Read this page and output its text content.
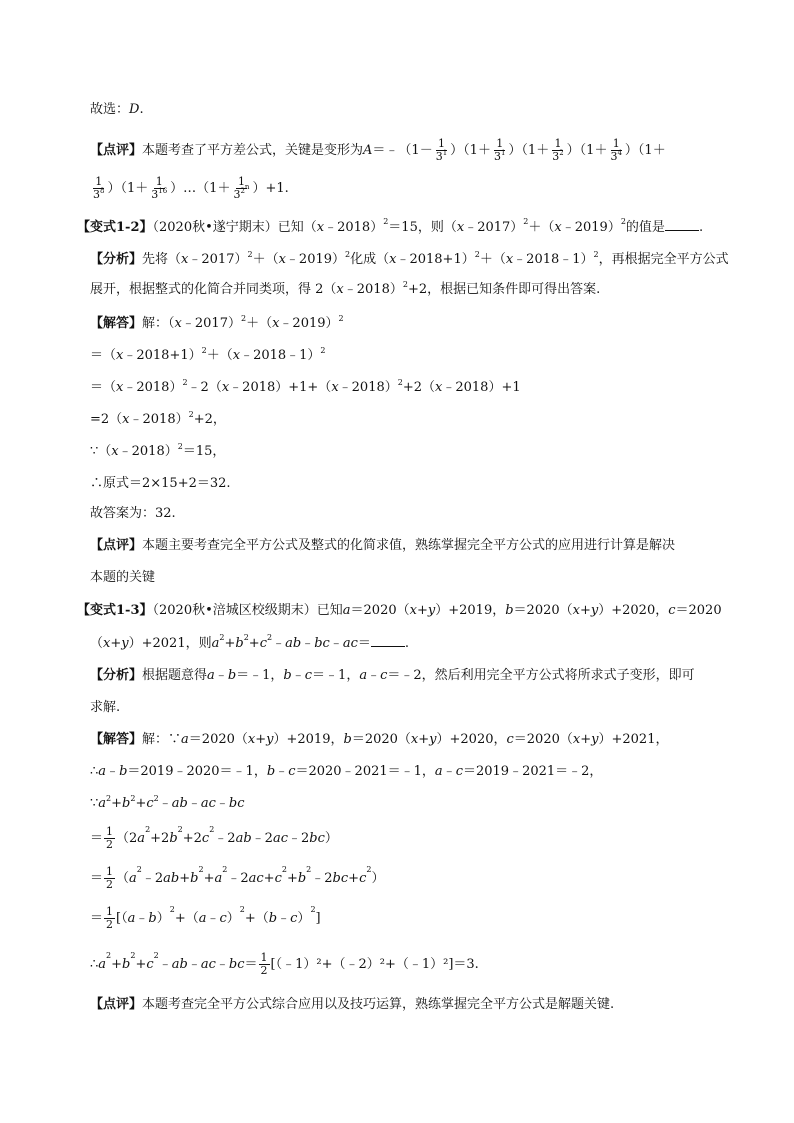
故选：D.
【点评】本题考查了平方差公式，关键是变形为A＝﹣（1－ $\frac{1}{3^1} )(1+ \frac{1}{3^1} )(1+ \frac{1}{3^2} )(1+ \frac{1}{3^4} )(1+$
$\frac{1}{3^8} )(1+ \frac{1}{3^{16}}$ ）…（1＋ $\frac{1}{3^{2^n}} )+1$.
【变式1-2】（2020秋•遂宁期末）已知（x﹣2018）$^2$＝15，则（x﹣2017）$^2$＋（x﹣2019）$^2$的值是	.
【分析】先将（x﹣2017）$^2$＋（x﹣2019）$^2$化成（x﹣2018+1）$^2$＋（x﹣2018﹣1）$^2$，再根据完全平方公式
展开，根据整式的化简合并同类项，得 2（x﹣2018）$^2$+2，根据已知条件即可得出答案.
【解答】解：（x﹣2017）$^2$＋（x﹣2019）$^2$
＝（x﹣2018+1）$^2$＋（x﹣2018﹣1）$^2$
＝（x﹣2018）$^2$﹣2（x﹣2018）+1+（x﹣2018）$^2$+2（x﹣2018）+1
=2（x﹣2018）$^2$+2，
∵（x﹣2018）$^2$＝15，
∴原式＝2×15+2＝32.
故答案为：32.
【点评】本题主要考查完全平方公式及整式的化简求值，熟练掌握完全平方公式的应用进行计算是解决
本题的关键
【变式1-3】（2020秋•涪城区校级期末）已知a＝2020（x+y）+2019，b＝2020（x+y）+2020，c＝2020
（x+y）+2021，则$a^2+b^2+c^2﹣ab﹣bc﹣ac=$	.
【分析】根据题意得a﹣b＝﹣1，b﹣c＝﹣1，a﹣c＝﹣2，然后利用完全平方公式将所求式子变形，即可
求解.
【解答】解：∵a＝2020（x+y）+2019，b＝2020（x+y）+2020，c＝2020（x+y）+2021，
∴a﹣b＝2019﹣2020＝﹣1，b﹣c＝2020﹣2021＝﹣1，a﹣c＝2019﹣2021＝﹣2，
$\because a^2+b^2+c^2﹣ab﹣ac﹣bc$
＝ $\frac{1}{2}$ $(2a^2+2b^2+2c^2﹣2ab﹣2ac﹣2bc)$
＝ $\frac{1}{2}$ $(a^2﹣2ab+b^2+a^2﹣2ac+c^2+b^2﹣2bc+c^2)$
＝ $\frac{1}{2}$ [（a﹣b）$^2$+（a﹣c）$^2$+（b﹣c）$^2$]
$\therefore a^2+b^2+c^2﹣ab﹣ac﹣bc= \frac{1}{2}$ [（﹣1）²+（﹣2）²+（﹣1）²]＝3.
【点评】本题考查完全平方公式综合应用以及技巧运算，熟练掌握完全平方公式是解题关键.
